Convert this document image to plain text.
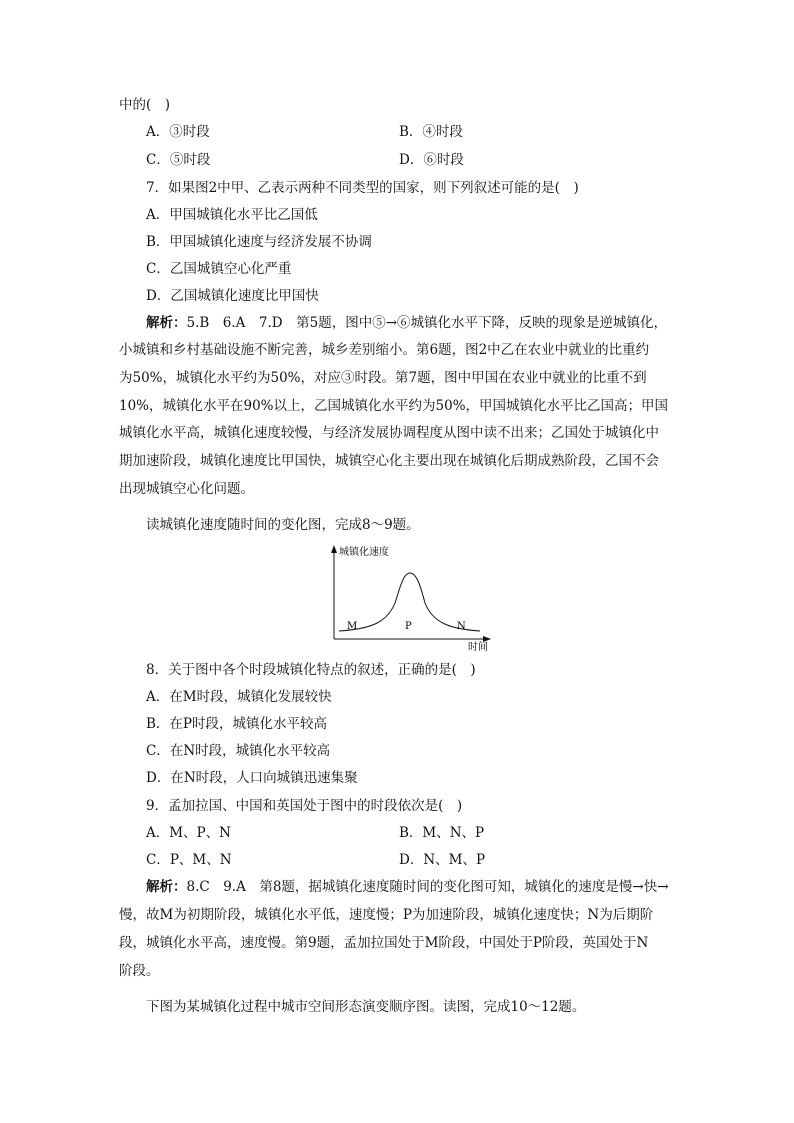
中的(　)
A．③时段	B．④时段
C．⑤时段	D．⑥时段
7．如果图2中甲、乙表示两种不同类型的国家，则下列叙述可能的是(　)
A．甲国城镇化水平比乙国低
B．甲国城镇化速度与经济发展不协调
C．乙国城镇空心化严重
D．乙国城镇化速度比甲国快
解析：5.B　6.A　7.D　第5题，图中⑤→⑥城镇化水平下降，反映的现象是逆城镇化，
小城镇和乡村基础设施不断完善，城乡差别缩小。第6题，图2中乙在农业中就业的比重约
为50%，城镇化水平约为50%，对应③时段。第7题，图中甲国在农业中就业的比重不到
10%，城镇化水平在90%以上，乙国城镇化水平约为50%，甲国城镇化水平比乙国高；甲国
城镇化水平高，城镇化速度较慢，与经济发展协调程度从图中读不出来；乙国处于城镇化中
期加速阶段，城镇化速度比甲国快，城镇空心化主要出现在城镇化后期成熟阶段，乙国不会
出现城镇空心化问题。
读城镇化速度随时间的变化图，完成8～9题。
城镇化速度
时间
M	P	N
8．关于图中各个时段城镇化特点的叙述，正确的是(　)
A．在M时段，城镇化发展较快
B．在P时段，城镇化水平较高
C．在N时段，城镇化水平较高
D．在N时段，人口向城镇迅速集聚
9．孟加拉国、中国和英国处于图中的时段依次是(　)
A．M、P、N	B．M、N、P
C．P、M、N	D．N、M、P
解析：8.C　9.A　第8题，据城镇化速度随时间的变化图可知，城镇化的速度是慢→快→
慢，故M为初期阶段，城镇化水平低，速度慢；P为加速阶段，城镇化速度快；N为后期阶
段，城镇化水平高，速度慢。第9题，孟加拉国处于M阶段，中国处于P阶段，英国处于N
阶段。
下图为某城镇化过程中城市空间形态演变顺序图。读图，完成10～12题。
